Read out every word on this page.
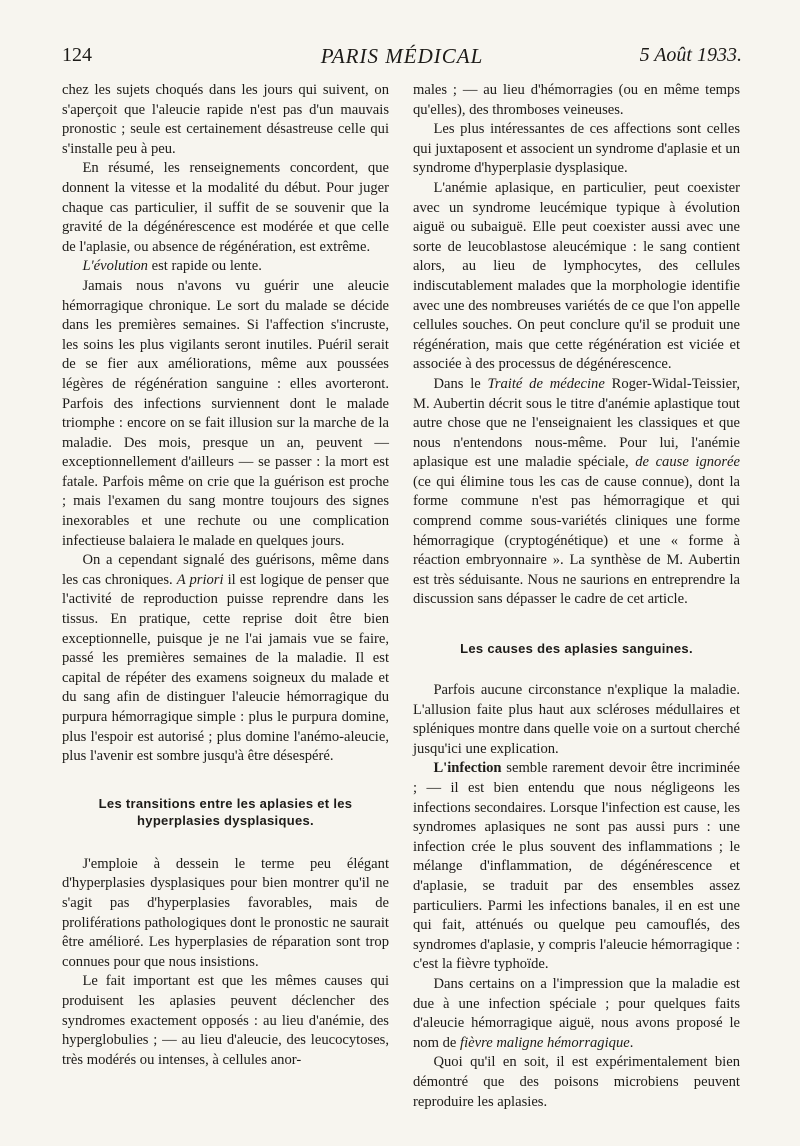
124	PARIS MÉDICAL	5 Août 1933.

chez les sujets choqués dans les jours qui suivent, on s'aperçoit que l'aleucie rapide n'est pas d'un mauvais pronostic ; seule est certainement désastreuse celle qui s'installe peu à peu.

En résumé, les renseignements concordent, que donnent la vitesse et la modalité du début. Pour juger chaque cas particulier, il suffit de se souvenir que la gravité de la dégénérescence est modérée et que celle de l'aplasie, ou absence de régénération, est extrême.

L'évolution est rapide ou lente.

Jamais nous n'avons vu guérir une aleucie hémorragique chronique. Le sort du malade se décide dans les premières semaines. Si l'affection s'incruste, les soins les plus vigilants seront inutiles. Puéril serait de se fier aux améliorations, même aux poussées légères de régénération sanguine : elles avorteront. Parfois des infections surviennent dont le malade triomphe : encore on se fait illusion sur la marche de la maladie. Des mois, presque un an, peuvent — exceptionnellement d'ailleurs — se passer : la mort est fatale. Parfois même on crie que la guérison est proche ; mais l'examen du sang montre toujours des signes inexorables et une rechute ou une complication infectieuse balaiera le malade en quelques jours.

On a cependant signalé des guérisons, même dans les cas chroniques. A priori il est logique de penser que l'activité de reproduction puisse reprendre dans les tissus. En pratique, cette reprise doit être bien exceptionnelle, puisque je ne l'ai jamais vue se faire, passé les premières semaines de la maladie. Il est capital de répéter des examens soigneux du malade et du sang afin de distinguer l'aleucie hémorragique du purpura hémorragique simple : plus le purpura domine, plus l'espoir est autorisé ; plus domine l'anémo-aleucie, plus l'avenir est sombre jusqu'à être désespéré.

Les transitions entre les aplasies et les hyperplasies dysplasiques.

J'emploie à dessein le terme peu élégant d'hyperplasies dysplasiques pour bien montrer qu'il ne s'agit pas d'hyperplasies favorables, mais de proliférations pathologiques dont le pronostic ne saurait être amélioré. Les hyperplasies de réparation sont trop connues pour que nous insistions.

Le fait important est que les mêmes causes qui produisent les aplasies peuvent déclencher des syndromes exactement opposés : au lieu d'anémie, des hyperglobulies ; — au lieu d'aleucie, des leucocytoses, très modérés ou intenses, à cellules anor-

males ; — au lieu d'hémorragies (ou en même temps qu'elles), des thromboses veineuses.

Les plus intéressantes de ces affections sont celles qui juxtaposent et associent un syndrome d'aplasie et un syndrome d'hyperplasie dysplasique.

L'anémie aplasique, en particulier, peut coexister avec un syndrome leucémique typique à évolution aiguë ou subaiguë. Elle peut coexister aussi avec une sorte de leucoblastose aleucémique : le sang contient alors, au lieu de lymphocytes, des cellules indiscutablement malades que la morphologie identifie avec une des nombreuses variétés de ce que l'on appelle cellules souches. On peut conclure qu'il se produit une régénération, mais que cette régénération est viciée et associée à des processus de dégénérescence.

Dans le Traité de médecine Roger-Widal-Teissier, M. Aubertin décrit sous le titre d'anémie aplastique tout autre chose que ne l'enseignaient les classiques et que nous n'entendons nous-même. Pour lui, l'anémie aplasique est une maladie spéciale, de cause ignorée (ce qui élimine tous les cas de cause connue), dont la forme commune n'est pas hémorragique et qui comprend comme sous-variétés cliniques une forme hémorragique (cryptogénétique) et une « forme à réaction embryonnaire ». La synthèse de M. Aubertin est très séduisante. Nous ne saurions en entreprendre la discussion sans dépasser le cadre de cet article.

Les causes des aplasies sanguines.

Parfois aucune circonstance n'explique la maladie. L'allusion faite plus haut aux scléroses médullaires et spléniques montre dans quelle voie on a surtout cherché jusqu'ici une explication.

L'infection semble rarement devoir être incriminée ; — il est bien entendu que nous négligeons les infections secondaires. Lorsque l'infection est cause, les syndromes aplasiques ne sont pas aussi purs : une infection crée le plus souvent des inflammations ; le mélange d'inflammation, de dégénérescence et d'aplasie, se traduit par des ensembles assez particuliers. Parmi les infections banales, il en est une qui fait, atténués ou quelque peu camouflés, des syndromes d'aplasie, y compris l'aleucie hémorragique : c'est la fièvre typhoïde.

Dans certains on a l'impression que la maladie est due à une infection spéciale ; pour quelques faits d'aleucie hémorragique aiguë, nous avons proposé le nom de fièvre maligne hémorragique.

Quoi qu'il en soit, il est expérimentalement bien démontré que des poisons microbiens peuvent reproduire les aplasies.
